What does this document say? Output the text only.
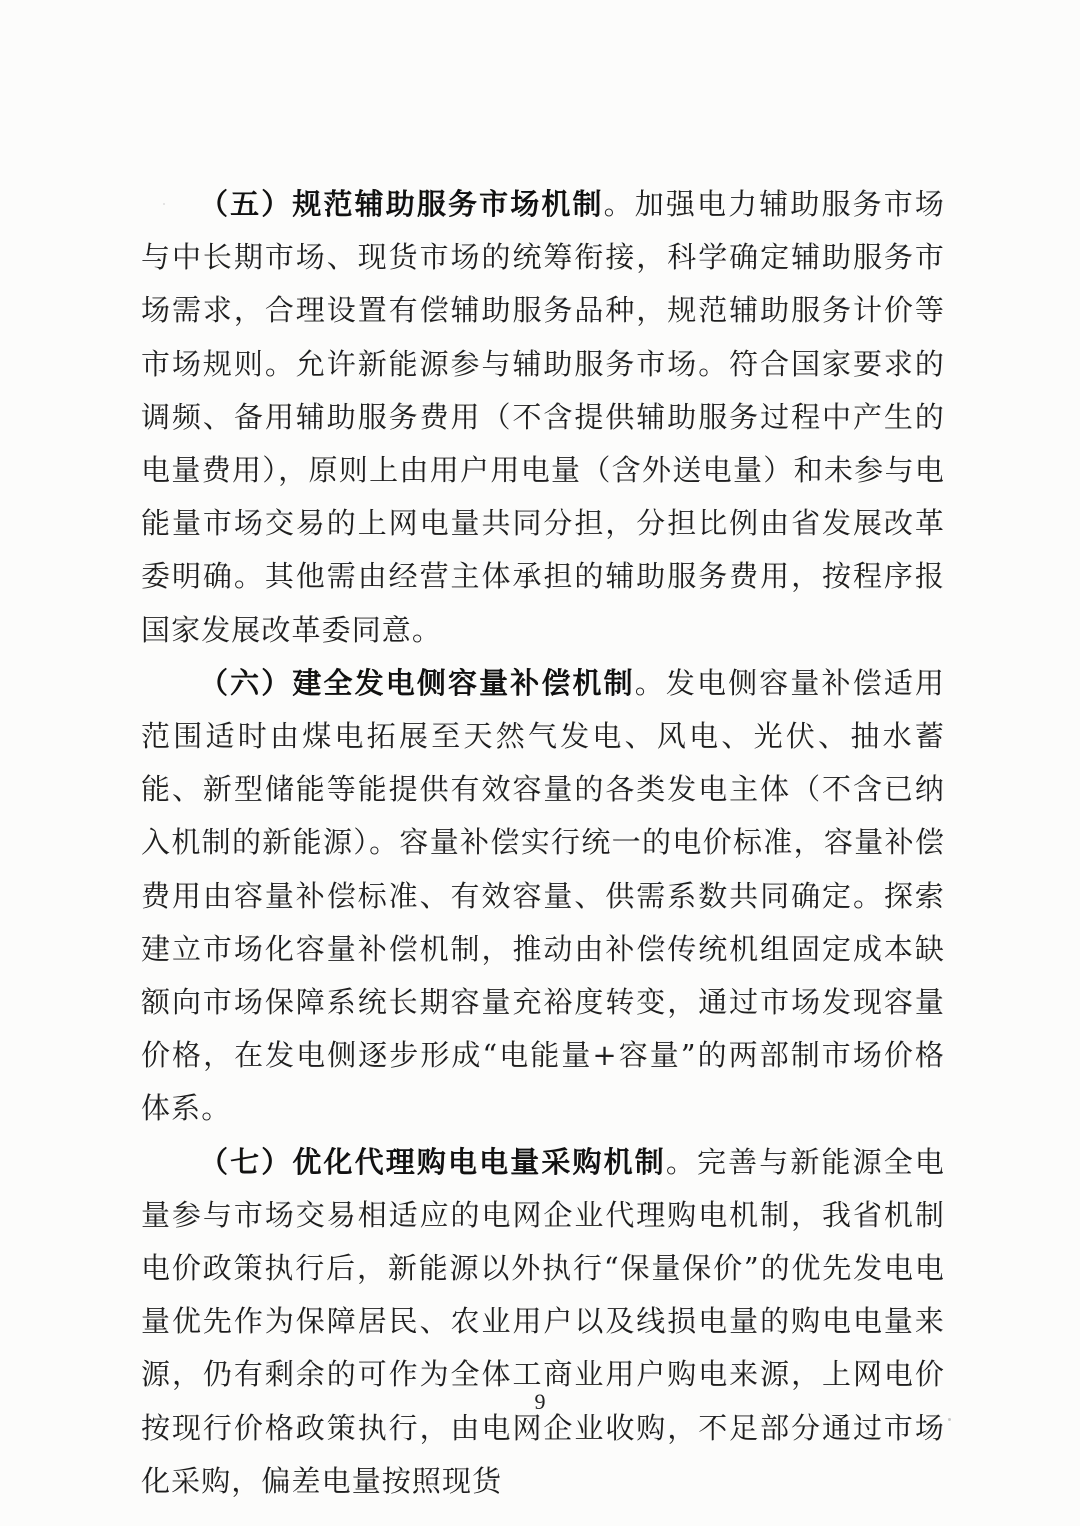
（五）规范辅助服务市场机制。加强电力辅助服务市场与中长期市场、现货市场的统筹衔接，科学确定辅助服务市场需求，合理设置有偿辅助服务品种，规范辅助服务计价等市场规则。允许新能源参与辅助服务市场。符合国家要求的调频、备用辅助服务费用（不含提供辅助服务过程中产生的电量费用），原则上由用户用电量（含外送电量）和未参与电能量市场交易的上网电量共同分担，分担比例由省发展改革委明确。其他需由经营主体承担的辅助服务费用，按程序报国家发展改革委同意。

（六）建全发电侧容量补偿机制。发电侧容量补偿适用范围适时由煤电拓展至天然气发电、风电、光伏、抽水蓄能、新型储能等能提供有效容量的各类发电主体（不含已纳入机制的新能源）。容量补偿实行统一的电价标准，容量补偿费用由容量补偿标准、有效容量、供需系数共同确定。探索建立市场化容量补偿机制，推动由补偿传统机组固定成本缺额向市场保障系统长期容量充裕度转变，通过市场发现容量价格，在发电侧逐步形成“电能量+容量”的两部制市场价格体系。

（七）优化代理购电电量采购机制。完善与新能源全电量参与市场交易相适应的电网企业代理购电机制，我省机制电价政策执行后，新能源以外执行“保量保价”的优先发电电量优先作为保障居民、农业用户以及线损电量的购电电量来源，仍有剩余的可作为全体工商业用户购电来源，上网电价按现行价格政策执行，由电网企业收购，不足部分通过市场化采购，偏差电量按照现货

9
